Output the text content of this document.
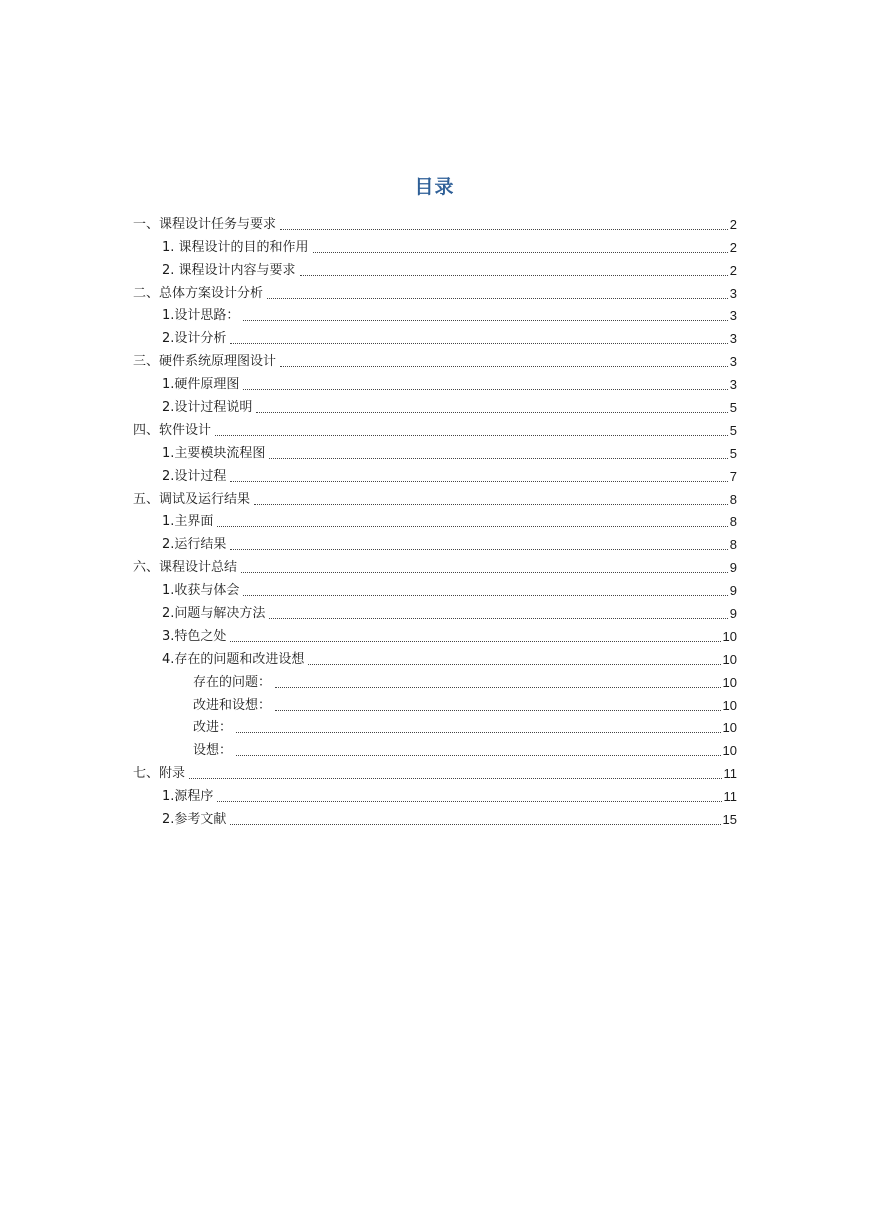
目录
一、课程设计任务与要求	2
1. 课程设计的目的和作用	2
2. 课程设计内容与要求	2
二、总体方案设计分析	3
1.设计思路：	3
2.设计分析	3
三、硬件系统原理图设计	3
1.硬件原理图	3
2.设计过程说明	5
四、软件设计	5
1.主要模块流程图	5
2.设计过程	7
五、调试及运行结果	8
1.主界面	8
2.运行结果	8
六、课程设计总结	9
1.收获与体会	9
2.问题与解决方法	9
3.特色之处	10
4.存在的问题和改进设想	10
存在的问题：	10
改进和设想：	10
改进：	10
设想：	10
七、附录	11
1.源程序	11
2.参考文献	15
